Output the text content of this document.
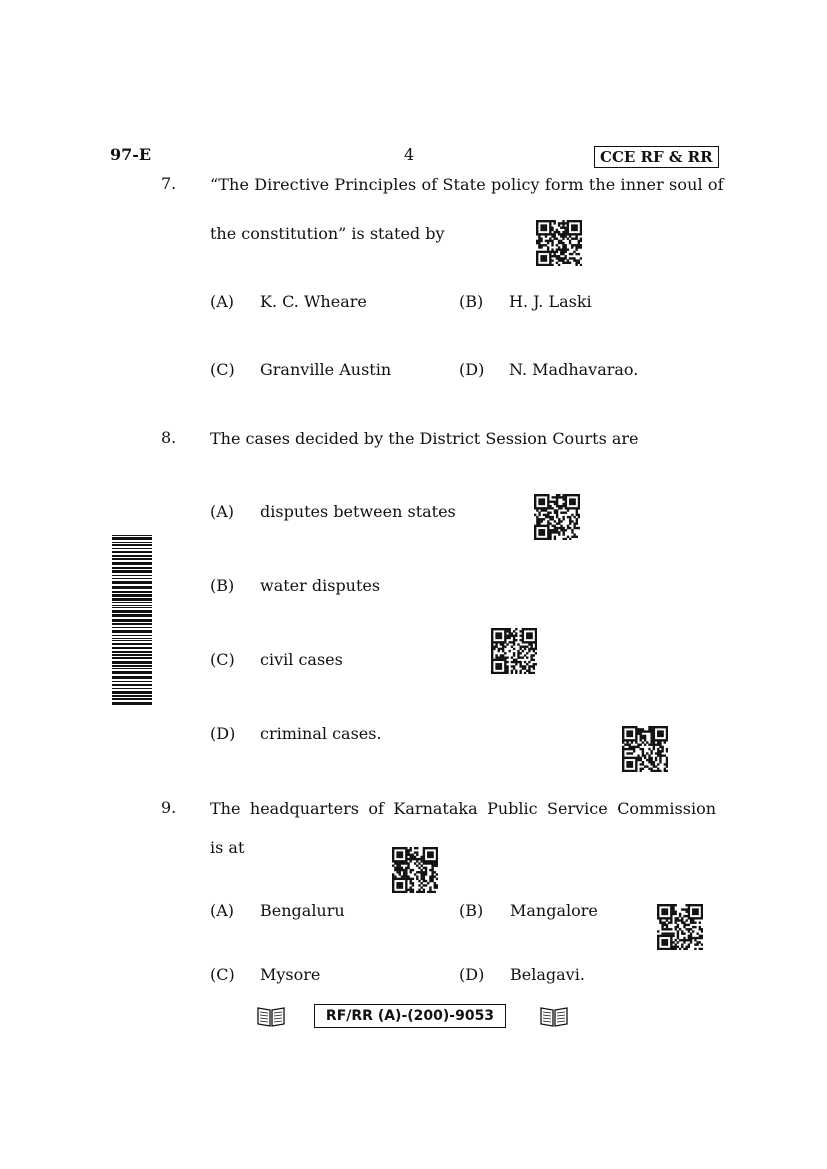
97-E	4	CCE RF & RR
7. “The Directive Principles of State policy form the inner soul of
the constitution” is stated by
(A) K. C. Wheare	(B) H. J. Laski
(C) Granville Austin	(D) N. Madhavarao.
8. The cases decided by the District Session Courts are
(A) disputes between states
(B) water disputes
(C) civil cases
(D) criminal cases.
9. The headquarters of Karnataka Public Service Commission
is at
(A) Bengaluru	(B) Mangalore
(C) Mysore	(D) Belagavi.
RF/RR (A)-(200)-9053
